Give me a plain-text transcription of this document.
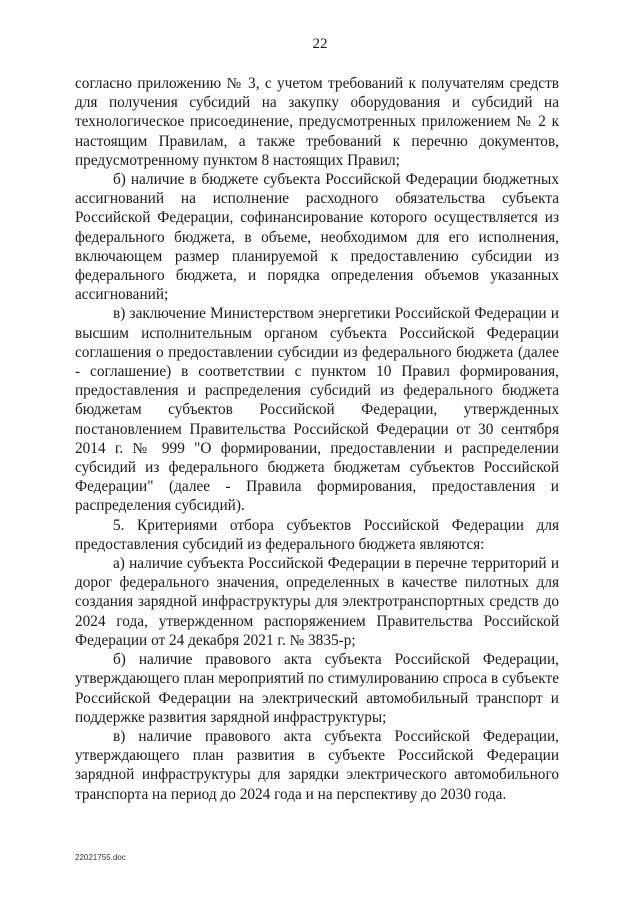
22

согласно приложению № 3, с учетом требований к получателям средств для получения субсидий на закупку оборудования и субсидий на технологическое присоединение, предусмотренных приложением № 2 к настоящим Правилам, а также требований к перечню документов, предусмотренному пунктом 8 настоящих Правил;

б) наличие в бюджете субъекта Российской Федерации бюджетных ассигнований на исполнение расходного обязательства субъекта Российской Федерации, софинансирование которого осуществляется из федерального бюджета, в объеме, необходимом для его исполнения, включающем размер планируемой к предоставлению субсидии из федерального бюджета, и порядка определения объемов указанных ассигнований;

в) заключение Министерством энергетики Российской Федерации и высшим исполнительным органом субъекта Российской Федерации соглашения о предоставлении субсидии из федерального бюджета (далее - соглашение) в соответствии с пунктом 10 Правил формирования, предоставления и распределения субсидий из федерального бюджета бюджетам субъектов Российской Федерации, утвержденных постановлением Правительства Российской Федерации от 30 сентября 2014 г. № 999 "О формировании, предоставлении и распределении субсидий из федерального бюджета бюджетам субъектов Российской Федерации" (далее - Правила формирования, предоставления и распределения субсидий).

5. Критериями отбора субъектов Российской Федерации для предоставления субсидий из федерального бюджета являются:

а) наличие субъекта Российской Федерации в перечне территорий и дорог федерального значения, определенных в качестве пилотных для создания зарядной инфраструктуры для электротранспортных средств до 2024 года, утвержденном распоряжением Правительства Российской Федерации от 24 декабря 2021 г. № 3835-р;

б) наличие правового акта субъекта Российской Федерации, утверждающего план мероприятий по стимулированию спроса в субъекте Российской Федерации на электрический автомобильный транспорт и поддержке развития зарядной инфраструктуры;

в) наличие правового акта субъекта Российской Федерации, утверждающего план развития в субъекте Российской Федерации зарядной инфраструктуры для зарядки электрического автомобильного транспорта на период до 2024 года и на перспективу до 2030 года.

22021755.doc
